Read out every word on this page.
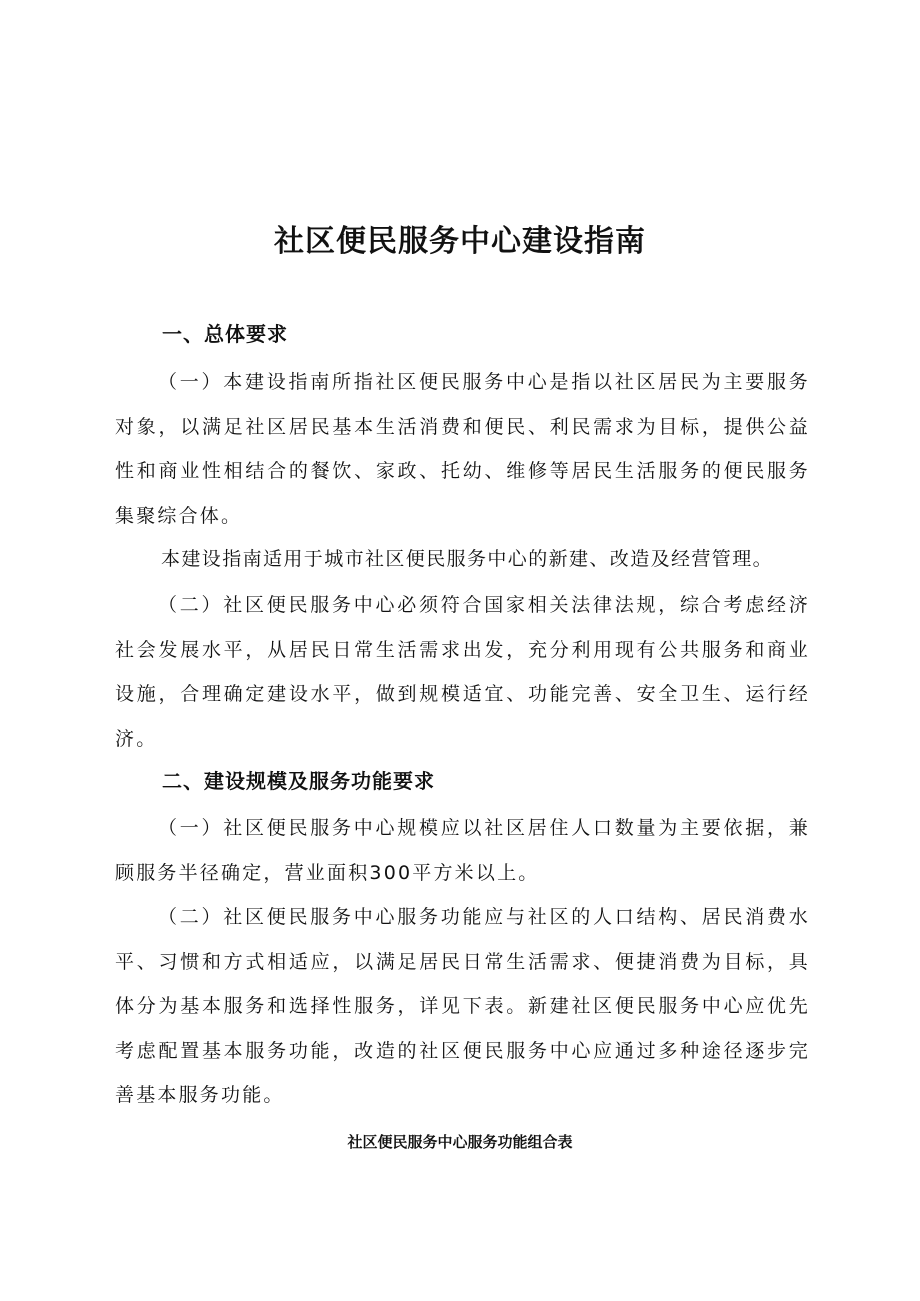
社区便民服务中心建设指南
一、总体要求
（一）本建设指南所指社区便民服务中心是指以社区居民为主要服务对象，以满足社区居民基本生活消费和便民、利民需求为目标，提供公益性和商业性相结合的餐饮、家政、托幼、维修等居民生活服务的便民服务集聚综合体。
本建设指南适用于城市社区便民服务中心的新建、改造及经营管理。
（二）社区便民服务中心必须符合国家相关法律法规，综合考虑经济社会发展水平，从居民日常生活需求出发，充分利用现有公共服务和商业设施，合理确定建设水平，做到规模适宜、功能完善、安全卫生、运行经济。
二、建设规模及服务功能要求
（一）社区便民服务中心规模应以社区居住人口数量为主要依据，兼顾服务半径确定，营业面积300平方米以上。
（二）社区便民服务中心服务功能应与社区的人口结构、居民消费水平、习惯和方式相适应，以满足居民日常生活需求、便捷消费为目标，具体分为基本服务和选择性服务，详见下表。新建社区便民服务中心应优先考虑配置基本服务功能，改造的社区便民服务中心应通过多种途径逐步完善基本服务功能。
社区便民服务中心服务功能组合表
